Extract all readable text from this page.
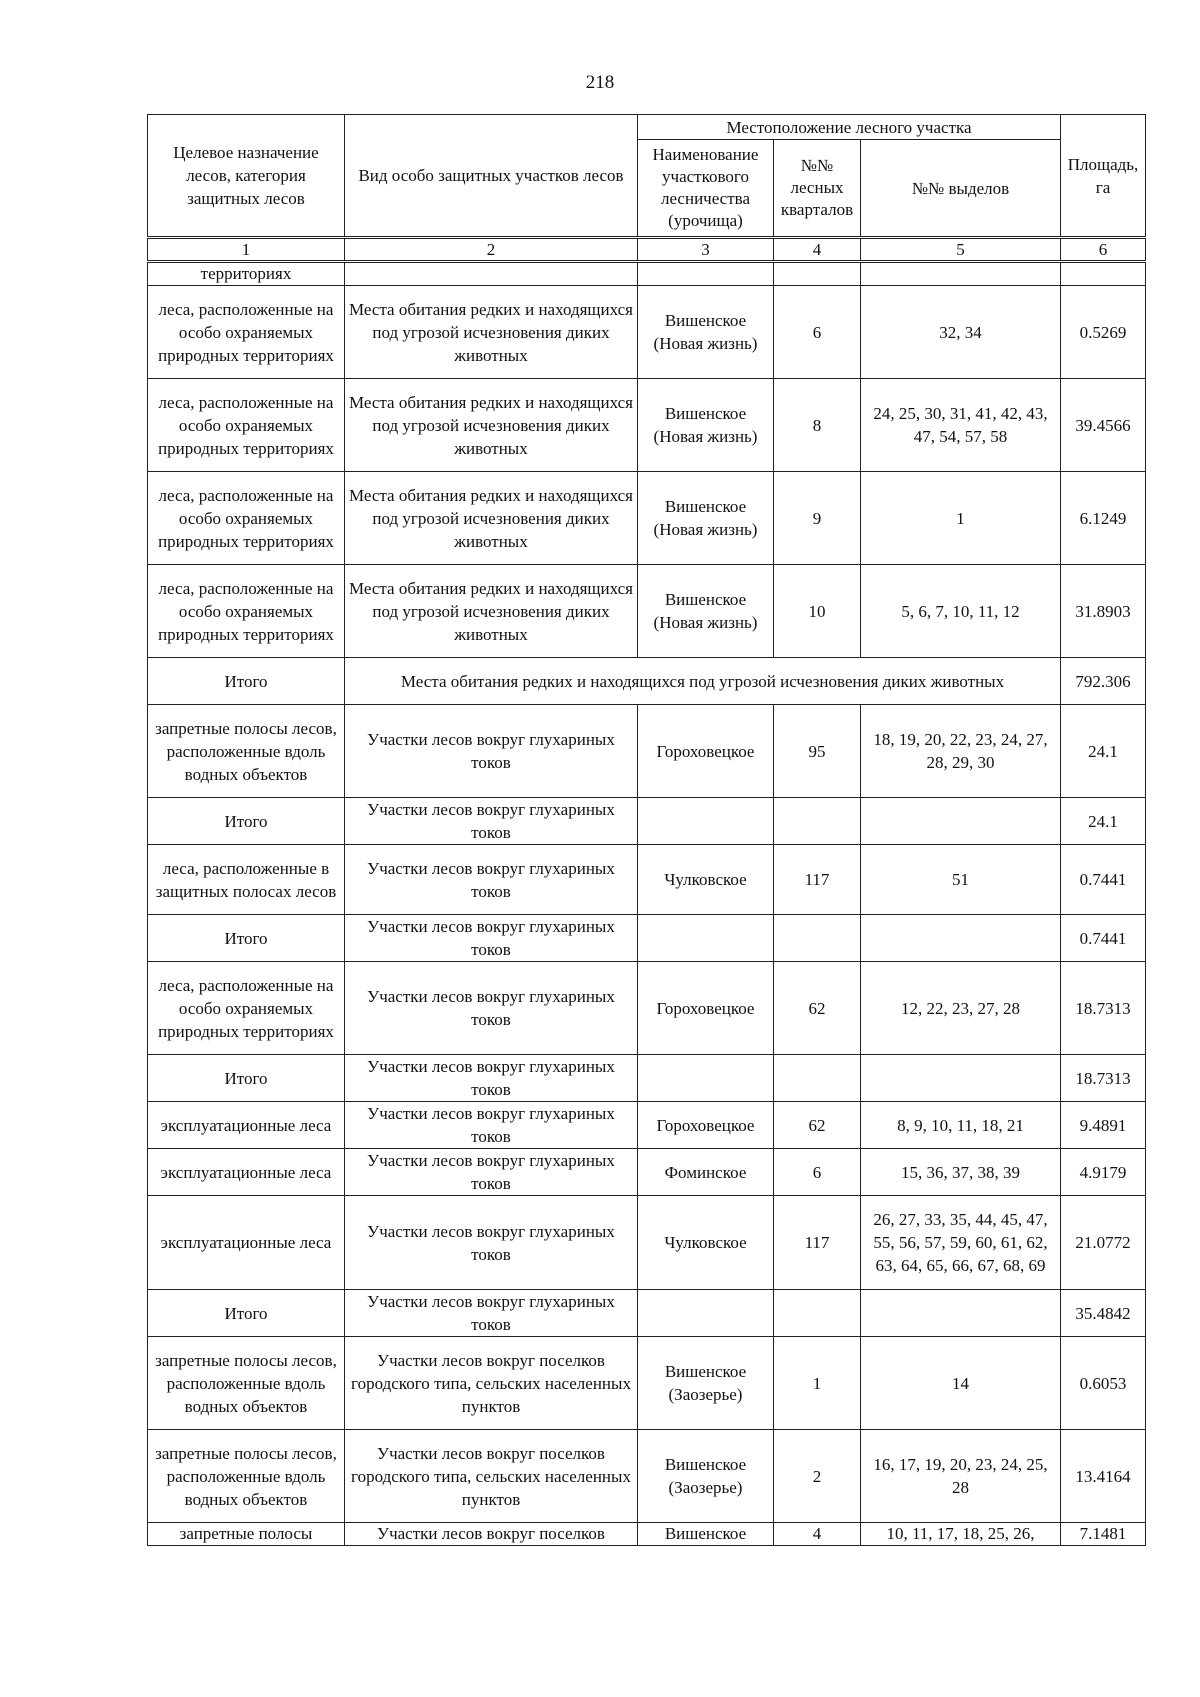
218
Целевое назначение лесов, категория защитных лесов	Вид особо защитных участков лесов	Местоположение лесного участка			Площадь, га
		Наименование участкового лесничества (урочища)	№№ лесных кварталов	№№ выделов	
1	2	3	4	5	6
территориях					
леса, расположенные на особо охраняемых природных территориях	Места обитания редких и находящихся под угрозой исчезновения диких животных	Вишенское (Новая жизнь)	6	32, 34	0.5269
леса, расположенные на особо охраняемых природных территориях	Места обитания редких и находящихся под угрозой исчезновения диких животных	Вишенское (Новая жизнь)	8	24, 25, 30, 31, 41, 42, 43, 47, 54, 57, 58	39.4566
леса, расположенные на особо охраняемых природных территориях	Места обитания редких и находящихся под угрозой исчезновения диких животных	Вишенское (Новая жизнь)	9	1	6.1249
леса, расположенные на особо охраняемых природных территориях	Места обитания редких и находящихся под угрозой исчезновения диких животных	Вишенское (Новая жизнь)	10	5, 6, 7, 10, 11, 12	31.8903
Итого	Места обитания редких и находящихся под угрозой исчезновения диких животных				792.306
запретные полосы лесов, расположенные вдоль водных объектов	Участки лесов вокруг глухариных токов	Гороховецкое	95	18, 19, 20, 22, 23, 24, 27, 28, 29, 30	24.1
Итого	Участки лесов вокруг глухариных токов				24.1
леса, расположенные в защитных полосах лесов	Участки лесов вокруг глухариных токов	Чулковское	117	51	0.7441
Итого	Участки лесов вокруг глухариных токов				0.7441
леса, расположенные на особо охраняемых природных территориях	Участки лесов вокруг глухариных токов	Гороховецкое	62	12, 22, 23, 27, 28	18.7313
Итого	Участки лесов вокруг глухариных токов				18.7313
эксплуатационные леса	Участки лесов вокруг глухариных токов	Гороховецкое	62	8, 9, 10, 11, 18, 21	9.4891
эксплуатационные леса	Участки лесов вокруг глухариных токов	Фоминское	6	15, 36, 37, 38, 39	4.9179
эксплуатационные леса	Участки лесов вокруг глухариных токов	Чулковское	117	26, 27, 33, 35, 44, 45, 47, 55, 56, 57, 59, 60, 61, 62, 63, 64, 65, 66, 67, 68, 69	21.0772
Итого	Участки лесов вокруг глухариных токов				35.4842
запретные полосы лесов, расположенные вдоль водных объектов	Участки лесов вокруг поселков городского типа, сельских населенных пунктов	Вишенское (Заозерье)	1	14	0.6053
запретные полосы лесов, расположенные вдоль водных объектов	Участки лесов вокруг поселков городского типа, сельских населенных пунктов	Вишенское (Заозерье)	2	16, 17, 19, 20, 23, 24, 25, 28	13.4164
запретные полосы	Участки лесов вокруг поселков	Вишенское	4	10, 11, 17, 18, 25, 26,	7.1481
